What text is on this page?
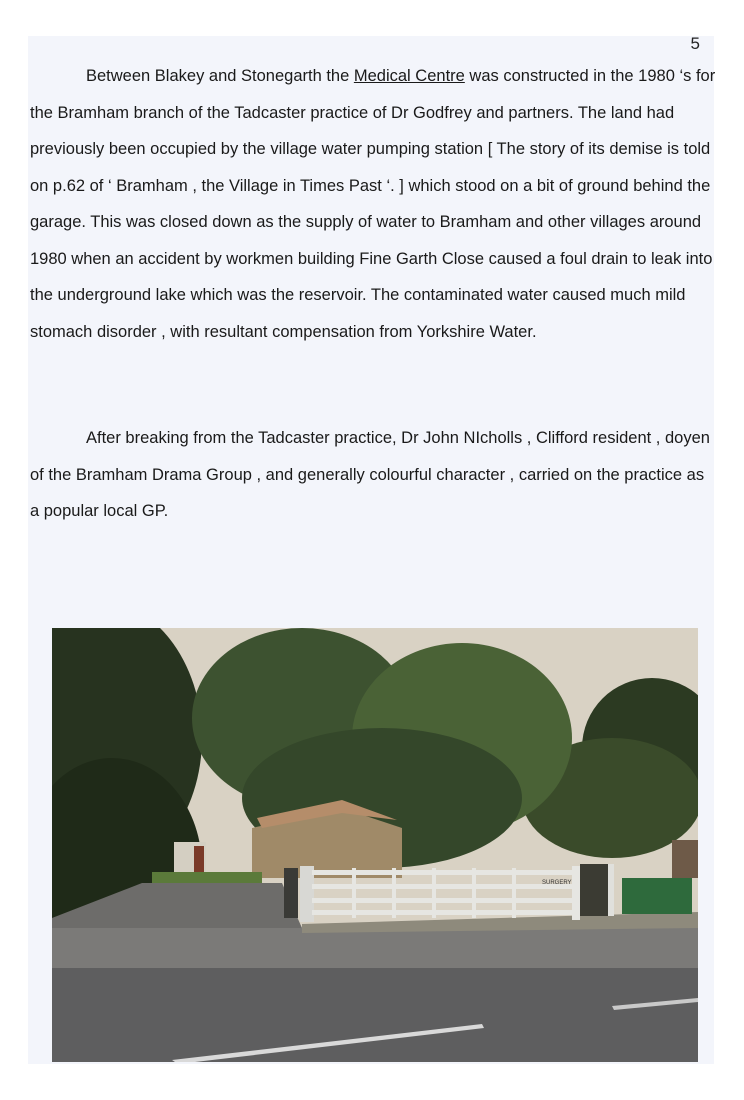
5

Between Blakey and Stonegarth the Medical Centre was constructed in the 1980 ‘s for the Bramham branch of the Tadcaster practice of Dr Godfrey and partners. The land had previously been occupied by the village water pumping station [ The story of its demise is told on p.62 of ‘ Bramham , the Village in Times Past ‘. ] which stood on a bit of ground behind the garage. This was closed down as the supply of water to Bramham and other villages around 1980 when an accident by workmen building Fine Garth Close caused a foul drain to leak into the underground lake which was the reservoir. The contaminated water caused much mild stomach disorder , with resultant compensation from Yorkshire Water.

After breaking from the Tadcaster practice, Dr John NIcholls , Clifford resident , doyen of the Bramham Drama Group , and generally colourful character , carried on the practice as a popular local GP.

SURGERY
